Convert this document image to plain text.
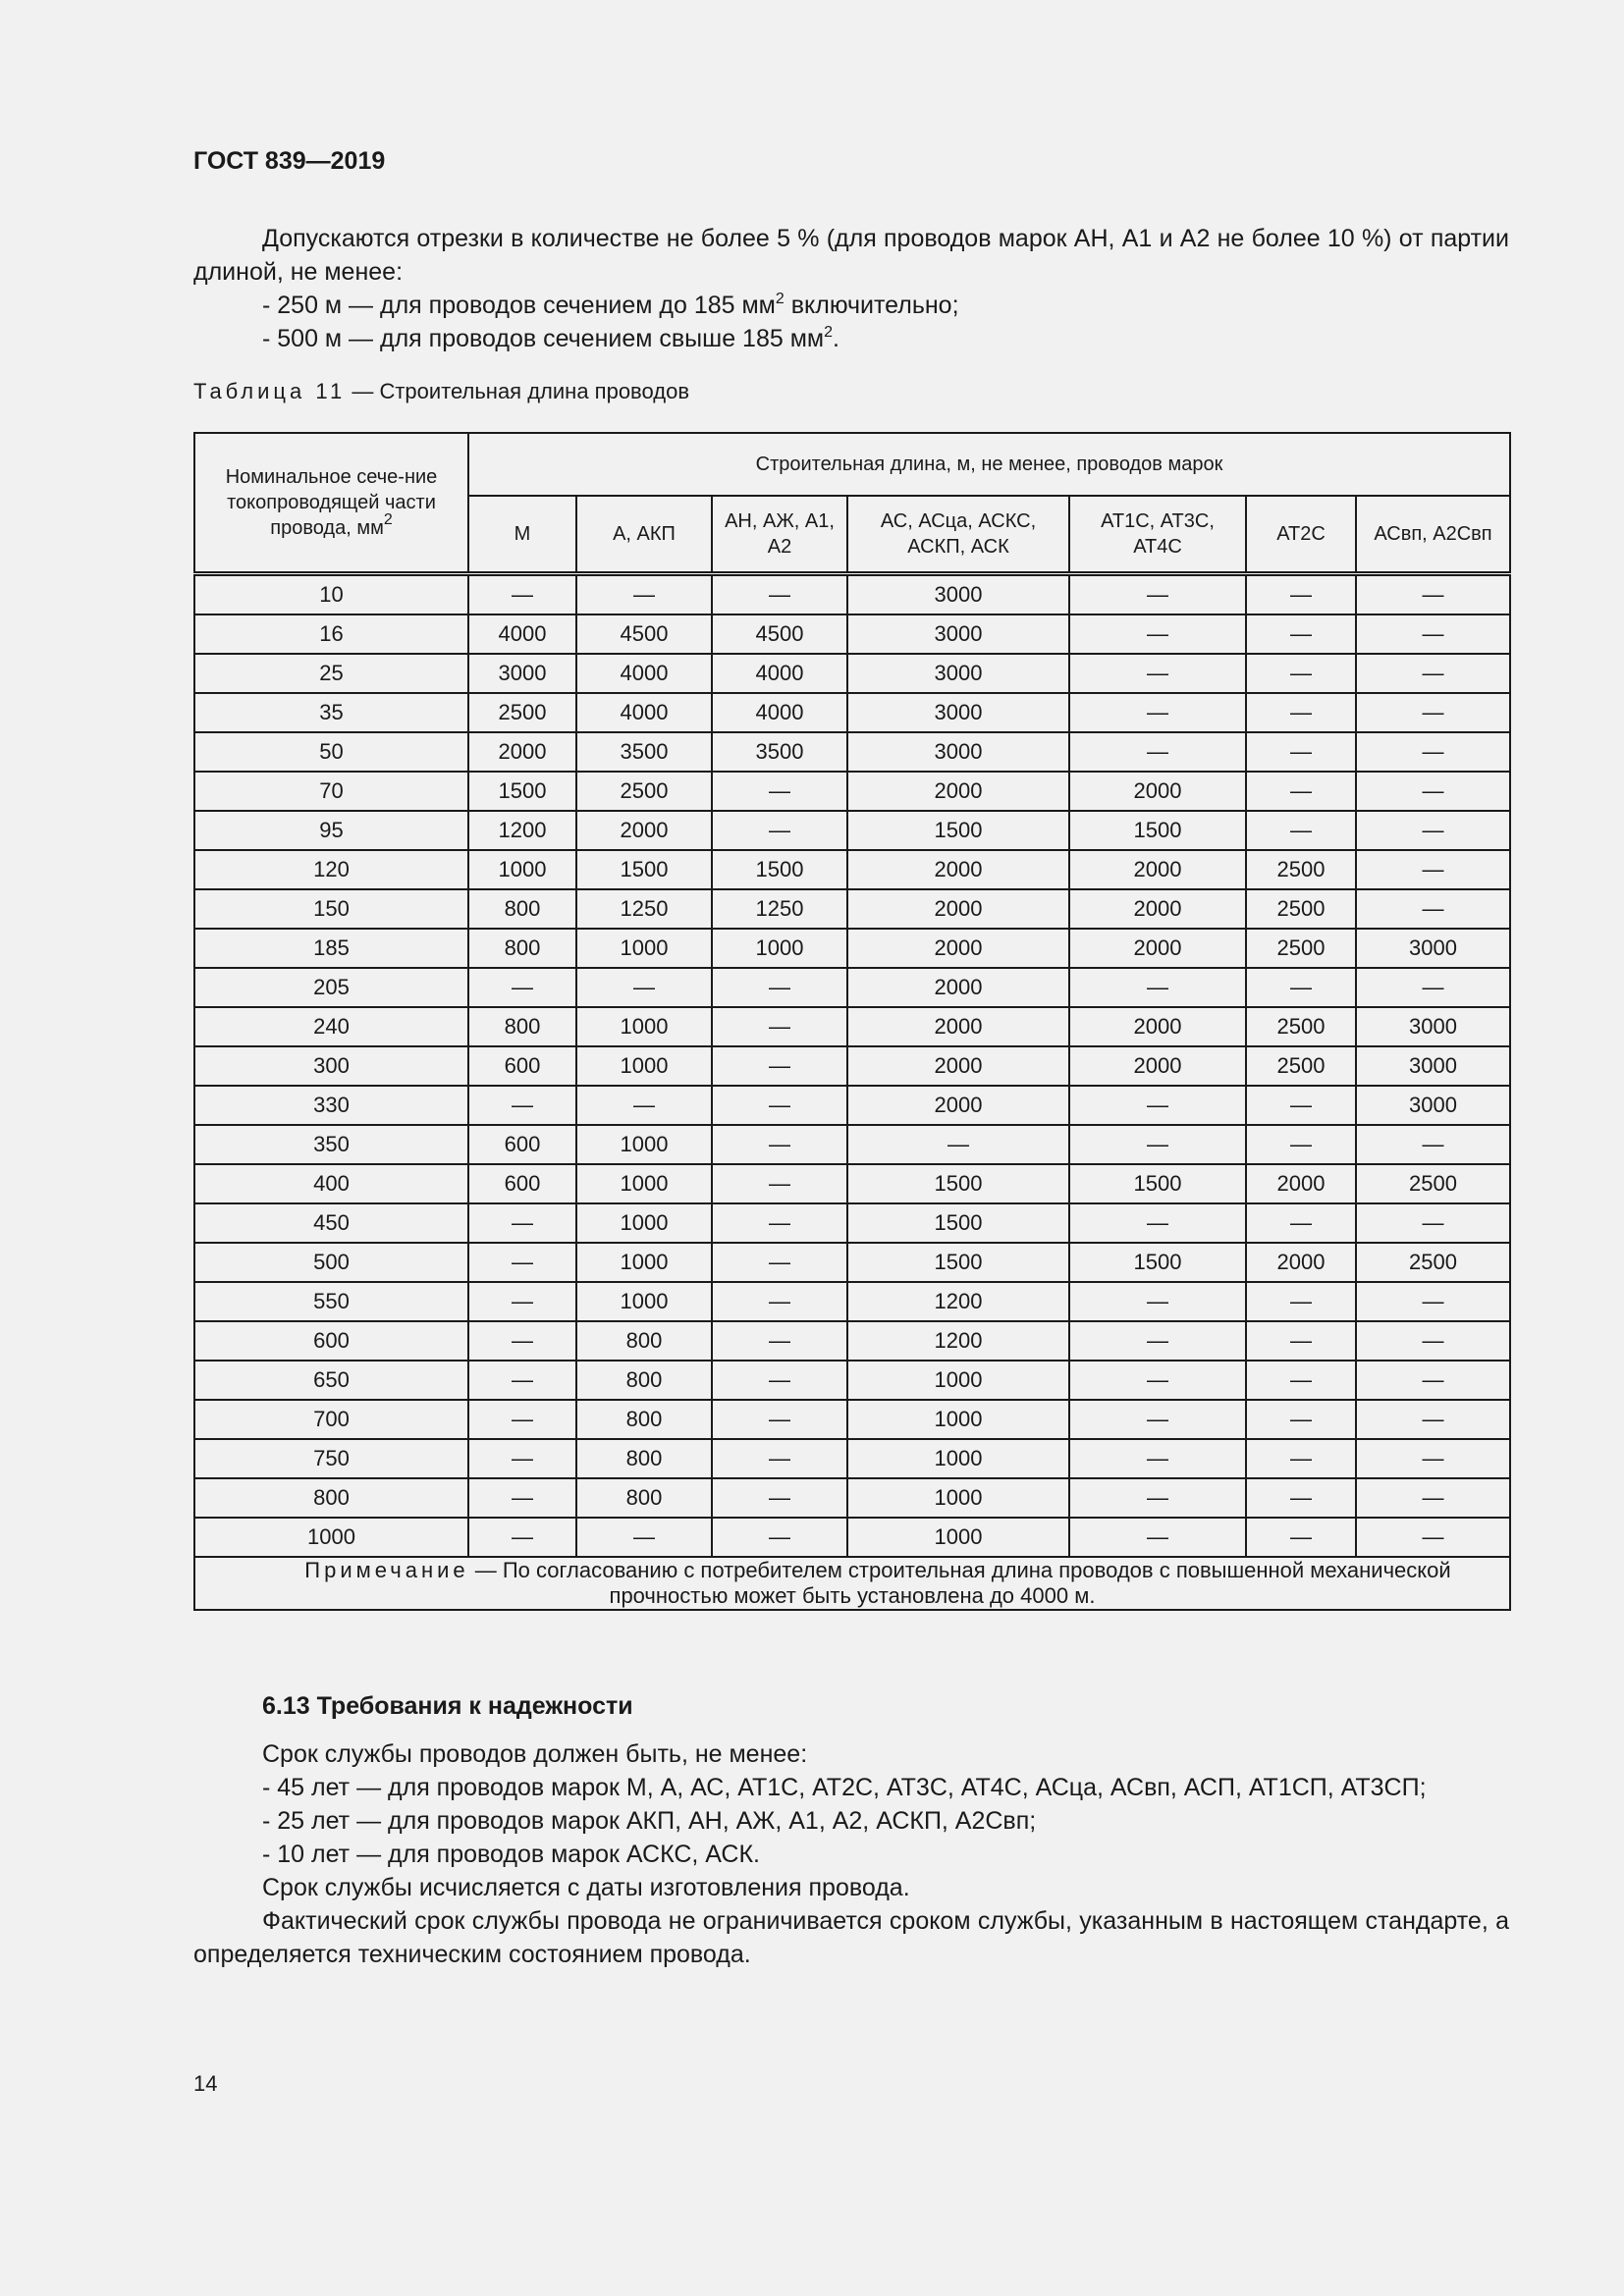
ГОСТ 839—2019

Допускаются отрезки в количестве не более 5 % (для проводов марок АН, А1 и А2 не более 10 %) от партии длиной, не менее:

- 250 м — для проводов сечением до 185 $мм^2$ включительно;

- 500 м — для проводов сечением свыше 185 $мм^2$.

Таблица 11 — Строительная длина проводов
Номинальное сече-ние токопроводящей части провода, $мм^2$	Строительная длина, м, не менее, проводов марок						
	М	А, АКП	АН, АЖ, А1, А2	АС, АСца, АСКС, АСКП, АСК	АТ1С, АТ3С, АТ4С	АТ2С	АСвп, А2Свп
10	—	—	—	3000	—	—	—
16	4000	4500	4500	3000	—	—	—
25	3000	4000	4000	3000	—	—	—
35	2500	4000	4000	3000	—	—	—
50	2000	3500	3500	3000	—	—	—
70	1500	2500	—	2000	2000	—	—
95	1200	2000	—	1500	1500	—	—
120	1000	1500	1500	2000	2000	2500	—
150	800	1250	1250	2000	2000	2500	—
185	800	1000	1000	2000	2000	2500	3000
205	—	—	—	2000	—	—	—
240	800	1000	—	2000	2000	2500	3000
300	600	1000	—	2000	2000	2500	3000
330	—	—	—	2000	—	—	3000
350	600	1000	—	—	—	—	—
400	600	1000	—	1500	1500	2000	2500
450	—	1000	—	1500	—	—	—
500	—	1000	—	1500	1500	2000	2500
550	—	1000	—	1200	—	—	—
600	—	800	—	1200	—	—	—
650	—	800	—	1000	—	—	—
700	—	800	—	1000	—	—	—
750	—	800	—	1000	—	—	—
800	—	800	—	1000	—	—	—
1000	—	—	—	1000	—	—	—
Примечание — По согласованию с потребителем строительная длина проводов с повышенной механической прочностью может быть установлена до 4000 м.							
6.13 Требования к надежности

Срок службы проводов должен быть, не менее:

- 45 лет — для проводов марок М, А, АС, АТ1С, АТ2С, АТ3С, АТ4С, АСца, АСвп, АСП, АТ1СП, АТ3СП;

- 25 лет — для проводов марок АКП, АН, АЖ, А1, А2, АСКП, А2Свп;

- 10 лет — для проводов марок АСКС, АСК.

Срок службы исчисляется с даты изготовления провода.

Фактический срок службы провода не ограничивается сроком службы, указанным в настоящем стандарте, а определяется техническим состоянием провода.

14
